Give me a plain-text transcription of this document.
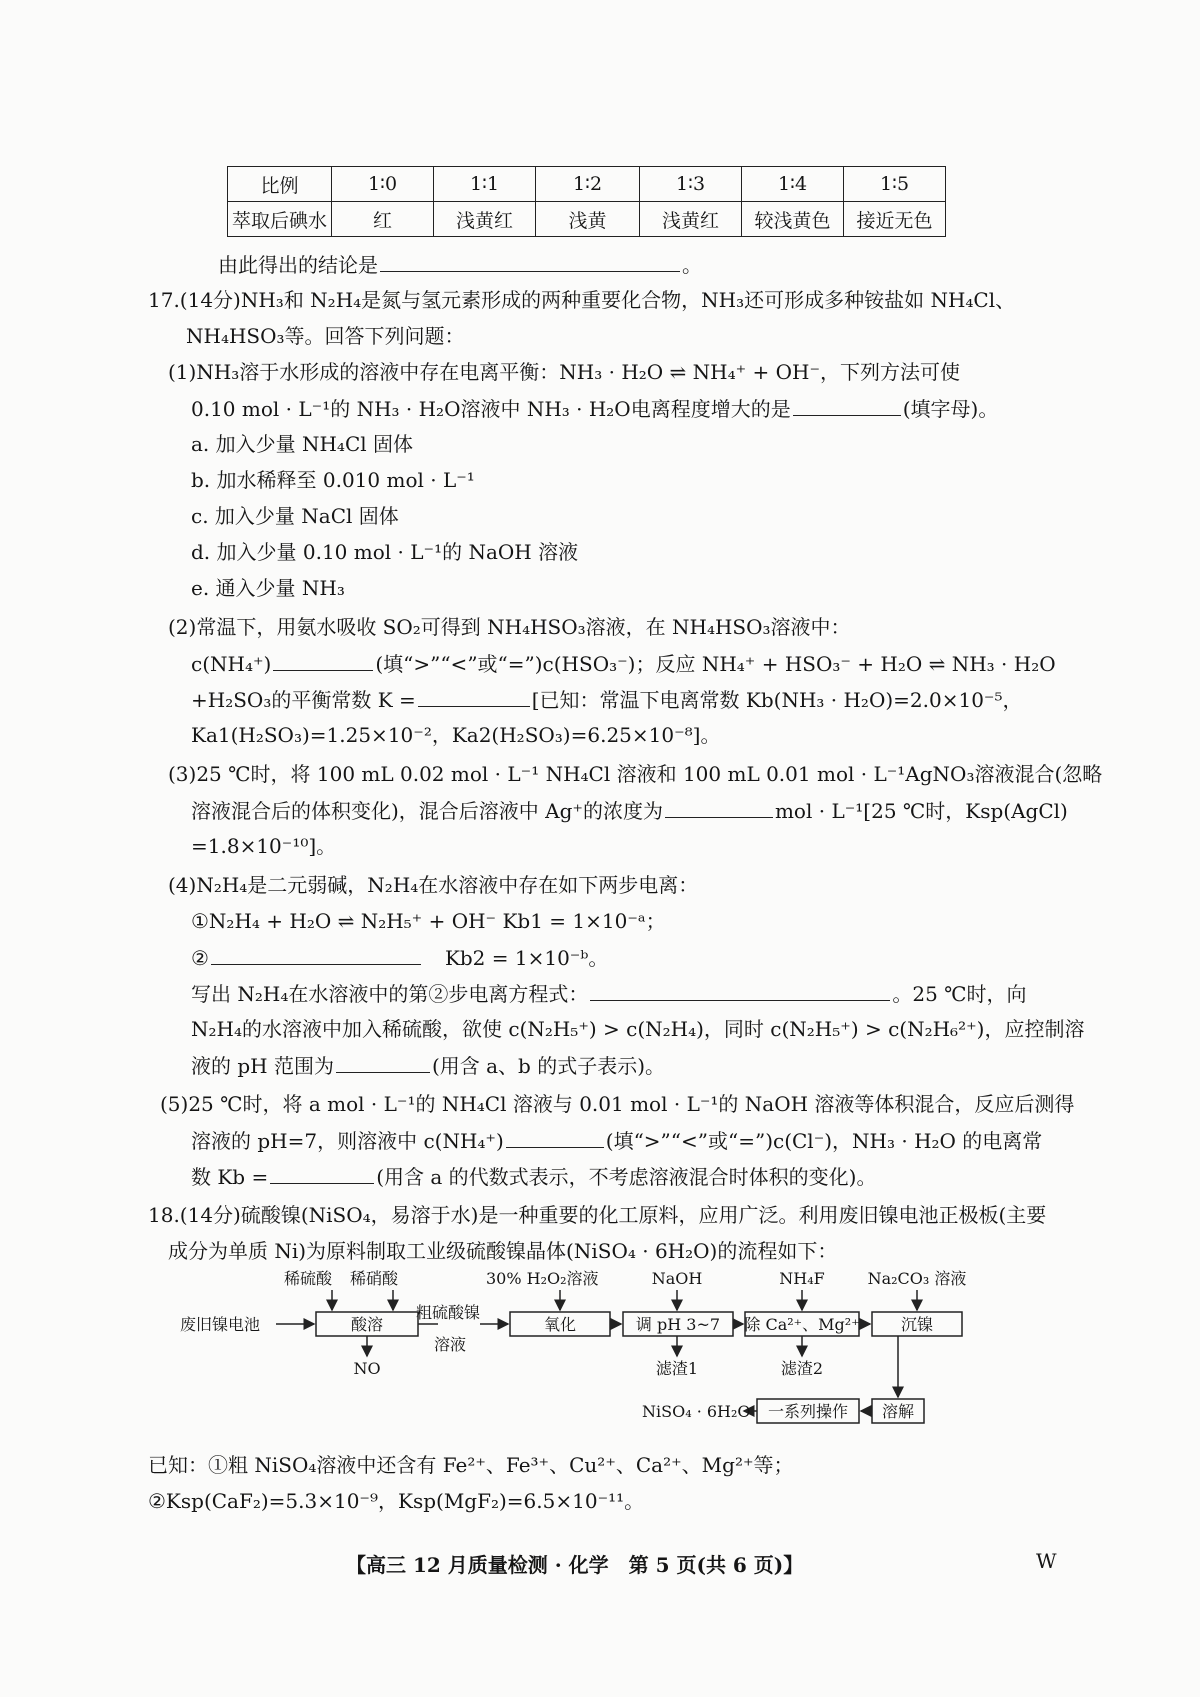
比例	1∶0	1∶1	1∶2	1∶3	1∶4	1∶5
萃取后碘水	红	浅黄红	浅黄	浅黄红	较浅黄色	接近无色
由此得出的结论是	。
17.(14分)NH₃和 N₂H₄是氮与氢元素形成的两种重要化合物，NH₃还可形成多种铵盐如 NH₄Cl、
NH₄HSO₃等。回答下列问题：
(1)NH₃溶于水形成的溶液中存在电离平衡：NH₃ · H₂O ⇌ NH₄⁺ + OH⁻，下列方法可使
0.10 mol · L⁻¹的 NH₃ · H₂O溶液中 NH₃ · H₂O电离程度增大的是	(填字母)。
a. 加入少量 NH₄Cl 固体
b. 加水稀释至 0.010 mol · L⁻¹
c. 加入少量 NaCl 固体
d. 加入少量 0.10 mol · L⁻¹的 NaOH 溶液
e. 通入少量 NH₃
(2)常温下，用氨水吸收 SO₂可得到 NH₄HSO₃溶液，在 NH₄HSO₃溶液中：
c(NH₄⁺)	(填“>”“<”或“=”)c(HSO₃⁻)；反应 NH₄⁺ + HSO₃⁻ + H₂O ⇌ NH₃ · H₂O
+H₂SO₃的平衡常数 K =	[已知：常温下电离常数 Kb(NH₃ · H₂O)=2.0×10⁻⁵，
Ka1(H₂SO₃)=1.25×10⁻²，Ka2(H₂SO₃)=6.25×10⁻⁸]。
(3)25 ℃时，将 100 mL 0.02 mol · L⁻¹ NH₄Cl 溶液和 100 mL 0.01 mol · L⁻¹AgNO₃溶液混合(忽略
溶液混合后的体积变化)，混合后溶液中 Ag⁺的浓度为	mol · L⁻¹[25 ℃时，Ksp(AgCl)
=1.8×10⁻¹⁰]。
(4)N₂H₄是二元弱碱，N₂H₄在水溶液中存在如下两步电离：
①N₂H₄ + H₂O ⇌ N₂H₅⁺ + OH⁻ Kb1 = 1×10⁻ᵃ；
②	Kb2 = 1×10⁻ᵇ。
写出 N₂H₄在水溶液中的第②步电离方程式：	。25 ℃时，向
N₂H₄的水溶液中加入稀硫酸，欲使 c(N₂H₅⁺) > c(N₂H₄)，同时 c(N₂H₅⁺) > c(N₂H₆²⁺)，应控制溶
液的 pH 范围为	(用含 a、b 的式子表示)。
(5)25 ℃时，将 a mol · L⁻¹的 NH₄Cl 溶液与 0.01 mol · L⁻¹的 NaOH 溶液等体积混合，反应后测得
溶液的 pH=7，则溶液中 c(NH₄⁺)	(填“>”“<”或“=”)c(Cl⁻)，NH₃ · H₂O 的电离常
数 Kb =	(用含 a 的代数式表示，不考虑溶液混合时体积的变化)。
18.(14分)硫酸镍(NiSO₄，易溶于水)是一种重要的化工原料，应用广泛。利用废旧镍电池正极板(主要
成分为单质 Ni)为原料制取工业级硫酸镍晶体(NiSO₄ · 6H₂O)的流程如下：
废旧镍电池
稀硫酸 稀硝酸
酸溶
NO
粗硫酸镍
溶液
30% H₂O₂溶液
氧化
NaOH
调 pH 3~7
滤渣1
NH₄F
除 Ca²⁺、Mg²⁺
滤渣2
Na₂CO₃ 溶液
沉镍
溶解
一系列操作
NiSO₄ · 6H₂O
已知：①粗 NiSO₄溶液中还含有 Fe²⁺、Fe³⁺、Cu²⁺、Ca²⁺、Mg²⁺等；
②Ksp(CaF₂)=5.3×10⁻⁹，Ksp(MgF₂)=6.5×10⁻¹¹。
【高三 12 月质量检测 · 化学　第 5 页(共 6 页)】	W
